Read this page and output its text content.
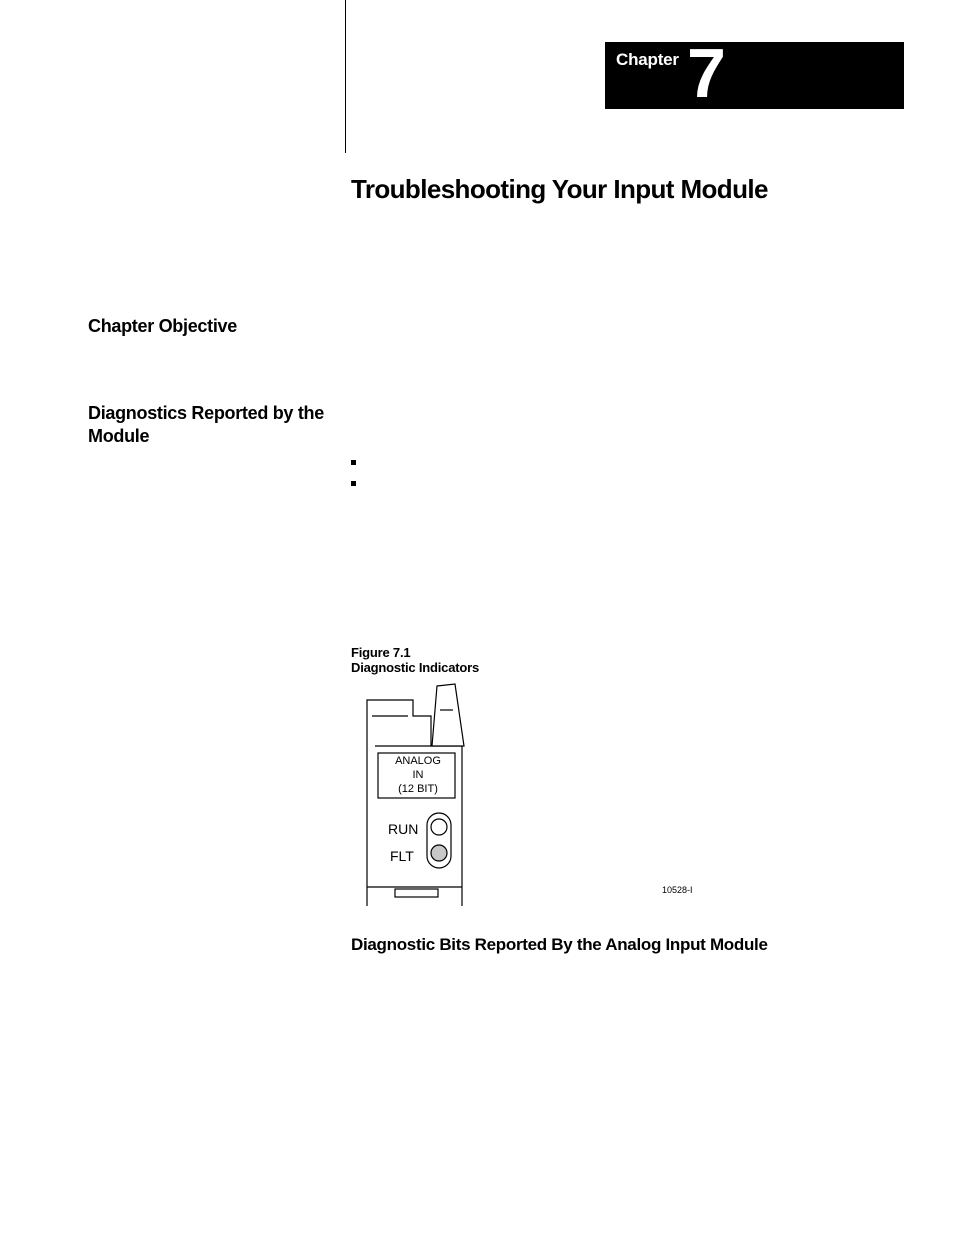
Chapter 7
Troubleshooting Your Input Module
Chapter Objective
Diagnostics Reported by the
Module
Figure 7.1
Diagnostic Indicators
ANALOG
IN
(12 BIT)
RUN
FLT
10528-I
Diagnostic Bits Reported By the Analog Input Module
